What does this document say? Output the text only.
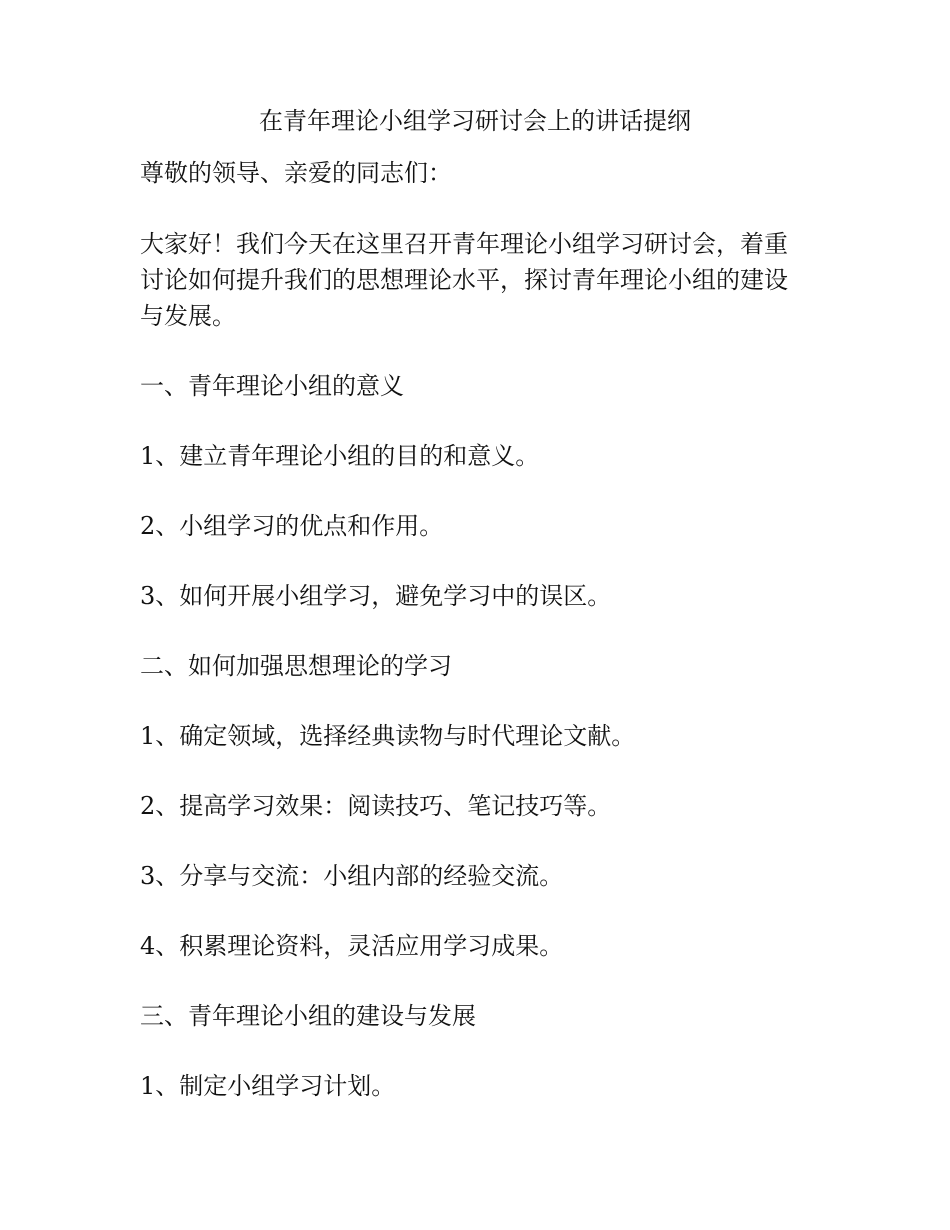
在青年理论小组学习研讨会上的讲话提纲
尊敬的领导、亲爱的同志们：
大家好！我们今天在这里召开青年理论小组学习研讨会，着重
讨论如何提升我们的思想理论水平，探讨青年理论小组的建设
与发展。
一、青年理论小组的意义
1、建立青年理论小组的目的和意义。
2、小组学习的优点和作用。
3、如何开展小组学习，避免学习中的误区。
二、如何加强思想理论的学习
1、确定领域，选择经典读物与时代理论文献。
2、提高学习效果：阅读技巧、笔记技巧等。
3、分享与交流：小组内部的经验交流。
4、积累理论资料，灵活应用学习成果。
三、青年理论小组的建设与发展
1、制定小组学习计划。
